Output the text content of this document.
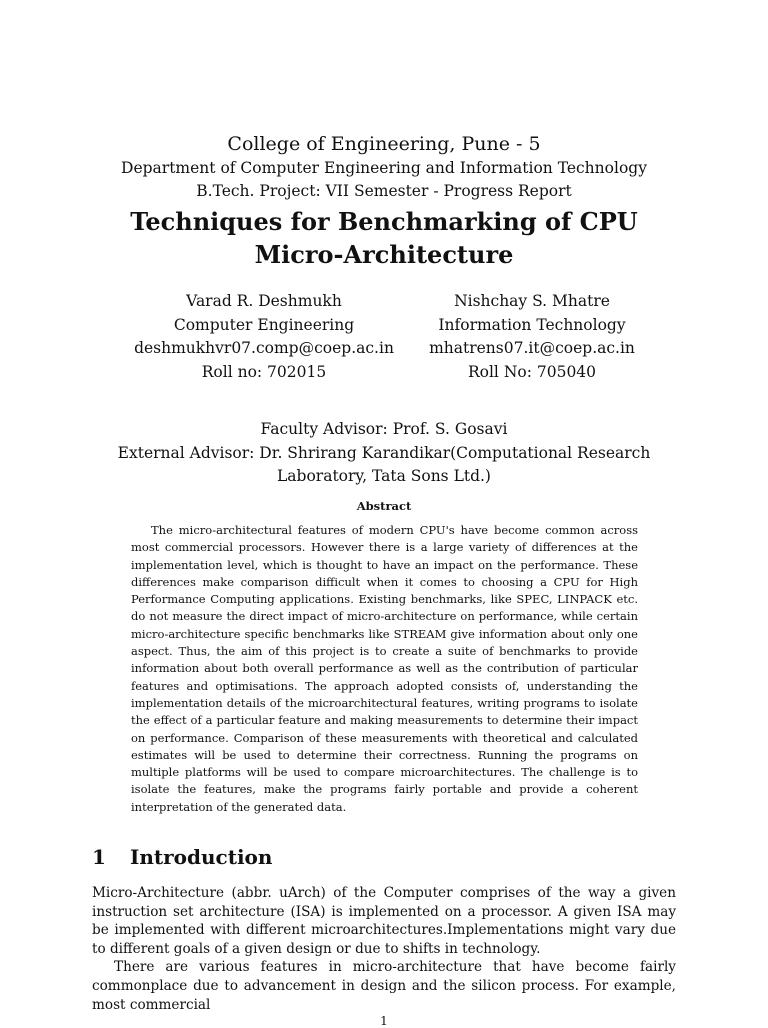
College of Engineering, Pune - 5
Department of Computer Engineering and Information Technology
B.Tech. Project: VII Semester - Progress Report
Techniques for Benchmarking of CPU
Micro-Architecture
Varad R. Deshmukh
Computer Engineering
deshmukhvr07.comp@coep.ac.in
Roll no: 702015
Nishchay S. Mhatre
Information Technology
mhatrens07.it@coep.ac.in
Roll No: 705040
Faculty Advisor: Prof. S. Gosavi
External Advisor: Dr. Shrirang Karandikar(Computational Research Laboratory, Tata Sons Ltd.)
Abstract

The micro-architectural features of modern CPU's have become common across most commercial processors. However there is a large variety of differences at the implementation level, which is thought to have an impact on the performance. These differences make comparison difficult when it comes to choosing a CPU for High Performance Computing applications. Existing benchmarks, like SPEC, LINPACK etc. do not measure the direct impact of micro-architecture on performance, while certain micro-architecture specific benchmarks like STREAM give information about only one aspect. Thus, the aim of this project is to create a suite of benchmarks to provide information about both overall performance as well as the contribution of particular features and optimisations. The approach adopted consists of, understanding the implementation details of the microarchitectural features, writing programs to isolate the effect of a particular feature and making measurements to determine their impact on performance. Comparison of these measurements with theoretical and calculated estimates will be used to determine their correctness. Running the programs on multiple platforms will be used to compare microarchitectures. The challenge is to isolate the features, make the programs fairly portable and provide a coherent interpretation of the generated data.

1 Introduction

Micro-Architecture (abbr. uArch) of the Computer comprises of the way a given instruction set architecture (ISA) is implemented on a processor. A given ISA may be implemented with different microarchitectures.Implementations might vary due to different goals of a given design or due to shifts in technology.

There are various features in micro-architecture that have become fairly commonplace due to advancement in design and the silicon process. For example, most commercial

1
